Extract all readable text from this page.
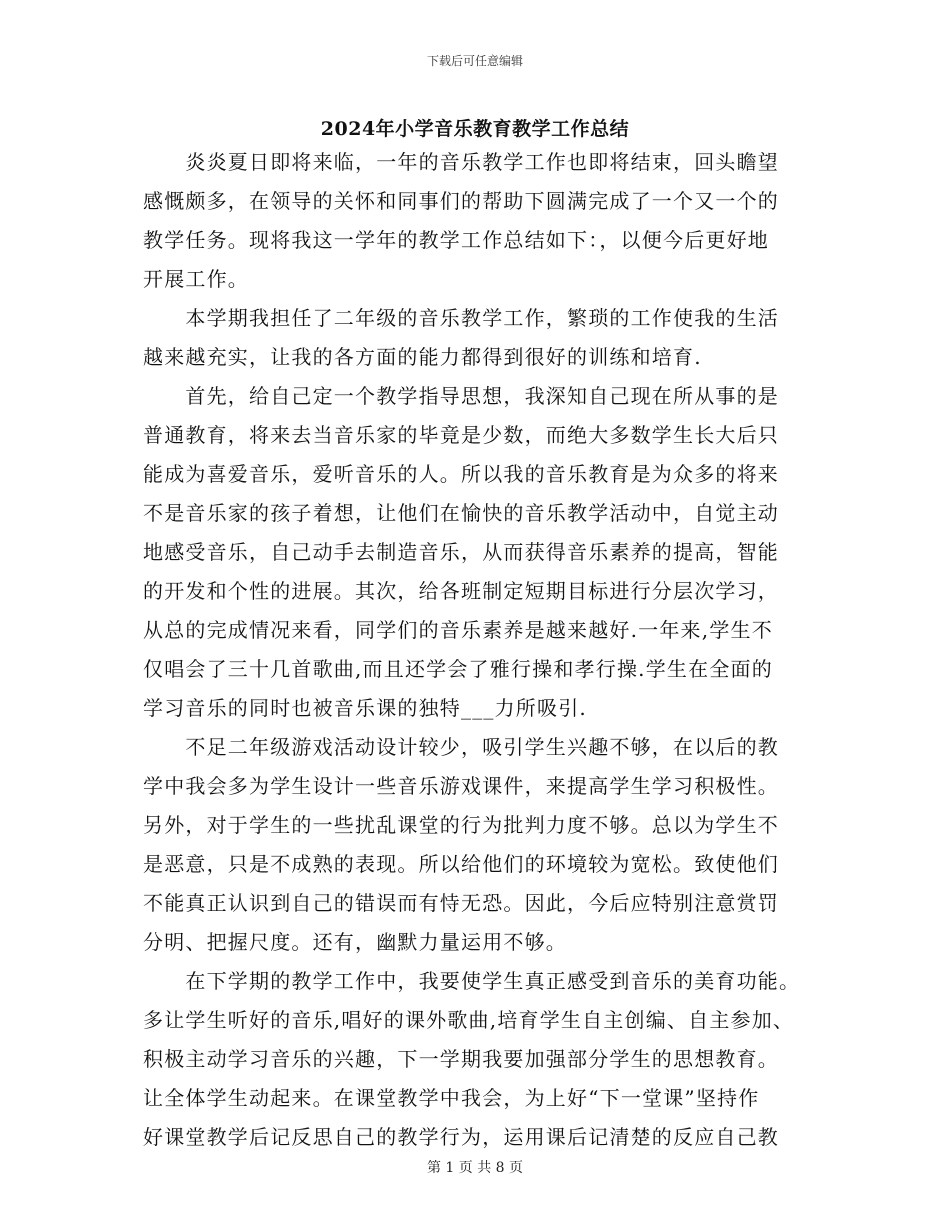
下载后可任意编辑
2024年小学音乐教育教学工作总结
　　炎炎夏日即将来临，一年的音乐教学工作也即将结束，回头瞻望
感慨颇多，在领导的关怀和同事们的帮助下圆满完成了一个又一个的
教学任务。现将我这一学年的教学工作总结如下：，以便今后更好地
开展工作。
　　本学期我担任了二年级的音乐教学工作，繁琐的工作使我的生活
越来越充实，让我的各方面的能力都得到很好的训练和培育.
　　首先，给自己定一个教学指导思想，我深知自己现在所从事的是
普通教育，将来去当音乐家的毕竟是少数，而绝大多数学生长大后只
能成为喜爱音乐，爱听音乐的人。所以我的音乐教育是为众多的将来
不是音乐家的孩子着想，让他们在愉快的音乐教学活动中，自觉主动
地感受音乐，自己动手去制造音乐，从而获得音乐素养的提高，智能
的开发和个性的进展。其次，给各班制定短期目标进行分层次学习，
从总的完成情况来看，同学们的音乐素养是越来越好.一年来,学生不
仅唱会了三十几首歌曲,而且还学会了雅行操和孝行操.学生在全面的
学习音乐的同时也被音乐课的独特___力所吸引.
　　不足二年级游戏活动设计较少，吸引学生兴趣不够，在以后的教
学中我会多为学生设计一些音乐游戏课件，来提高学生学习积极性。
另外，对于学生的一些扰乱课堂的行为批判力度不够。总以为学生不
是恶意，只是不成熟的表现。所以给他们的环境较为宽松。致使他们
不能真正认识到自己的错误而有恃无恐。因此，今后应特别注意赏罚
分明、把握尺度。还有，幽默力量运用不够。
　　在下学期的教学工作中，我要使学生真正感受到音乐的美育功能。
多让学生听好的音乐,唱好的课外歌曲,培育学生自主创编、自主参加、
积极主动学习音乐的兴趣，下一学期我要加强部分学生的思想教育。
让全体学生动起来。在课堂教学中我会，为上好“下一堂课”坚持作
好课堂教学后记反思自己的教学行为，运用课后记清楚的反应自己教
第 1 页 共 8 页
